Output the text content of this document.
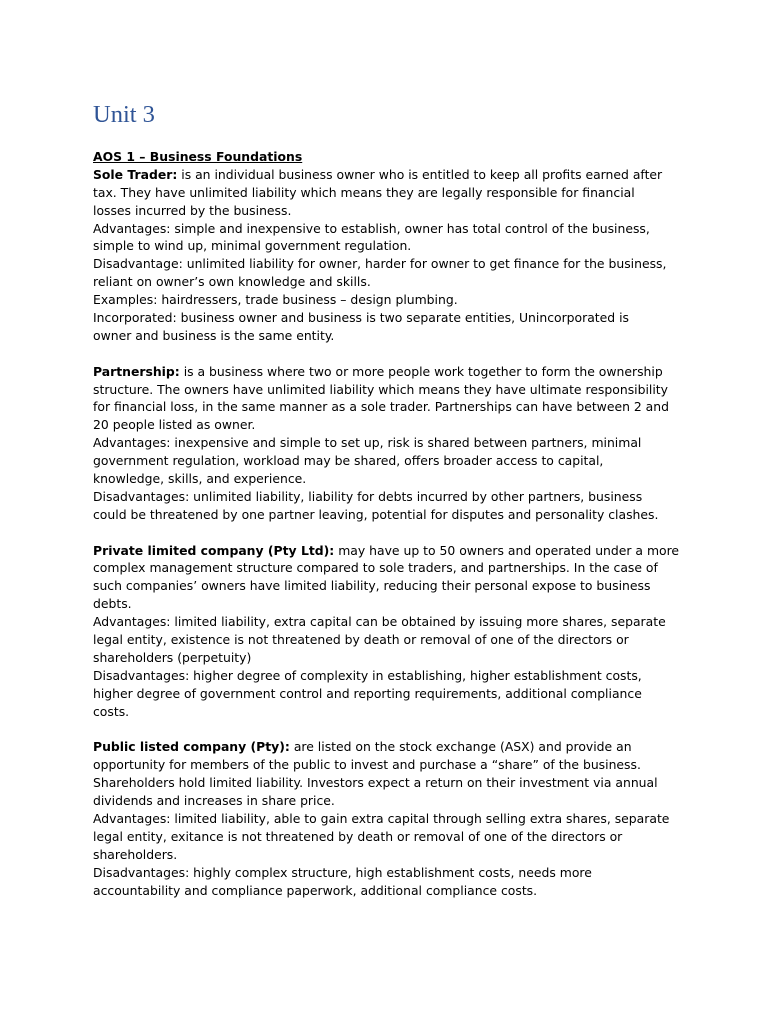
Unit 3
AOS 1 – Business Foundations
Sole Trader: is an individual business owner who is entitled to keep all profits earned after
tax. They have unlimited liability which means they are legally responsible for financial
losses incurred by the business.
Advantages: simple and inexpensive to establish, owner has total control of the business,
simple to wind up, minimal government regulation.
Disadvantage: unlimited liability for owner, harder for owner to get finance for the business,
reliant on owner’s own knowledge and skills.
Examples: hairdressers, trade business – design plumbing.
Incorporated: business owner and business is two separate entities, Unincorporated is
owner and business is the same entity.
Partnership: is a business where two or more people work together to form the ownership
structure. The owners have unlimited liability which means they have ultimate responsibility
for financial loss, in the same manner as a sole trader. Partnerships can have between 2 and
20 people listed as owner.
Advantages: inexpensive and simple to set up, risk is shared between partners, minimal
government regulation, workload may be shared, offers broader access to capital,
knowledge, skills, and experience.
Disadvantages: unlimited liability, liability for debts incurred by other partners, business
could be threatened by one partner leaving, potential for disputes and personality clashes.
Private limited company (Pty Ltd): may have up to 50 owners and operated under a more
complex management structure compared to sole traders, and partnerships. In the case of
such companies’ owners have limited liability, reducing their personal expose to business
debts.
Advantages: limited liability, extra capital can be obtained by issuing more shares, separate
legal entity, existence is not threatened by death or removal of one of the directors or
shareholders (perpetuity)
Disadvantages: higher degree of complexity in establishing, higher establishment costs,
higher degree of government control and reporting requirements, additional compliance
costs.
Public listed company (Pty): are listed on the stock exchange (ASX) and provide an
opportunity for members of the public to invest and purchase a “share” of the business.
Shareholders hold limited liability. Investors expect a return on their investment via annual
dividends and increases in share price.
Advantages: limited liability, able to gain extra capital through selling extra shares, separate
legal entity, exitance is not threatened by death or removal of one of the directors or
shareholders.
Disadvantages: highly complex structure, high establishment costs, needs more
accountability and compliance paperwork, additional compliance costs.
